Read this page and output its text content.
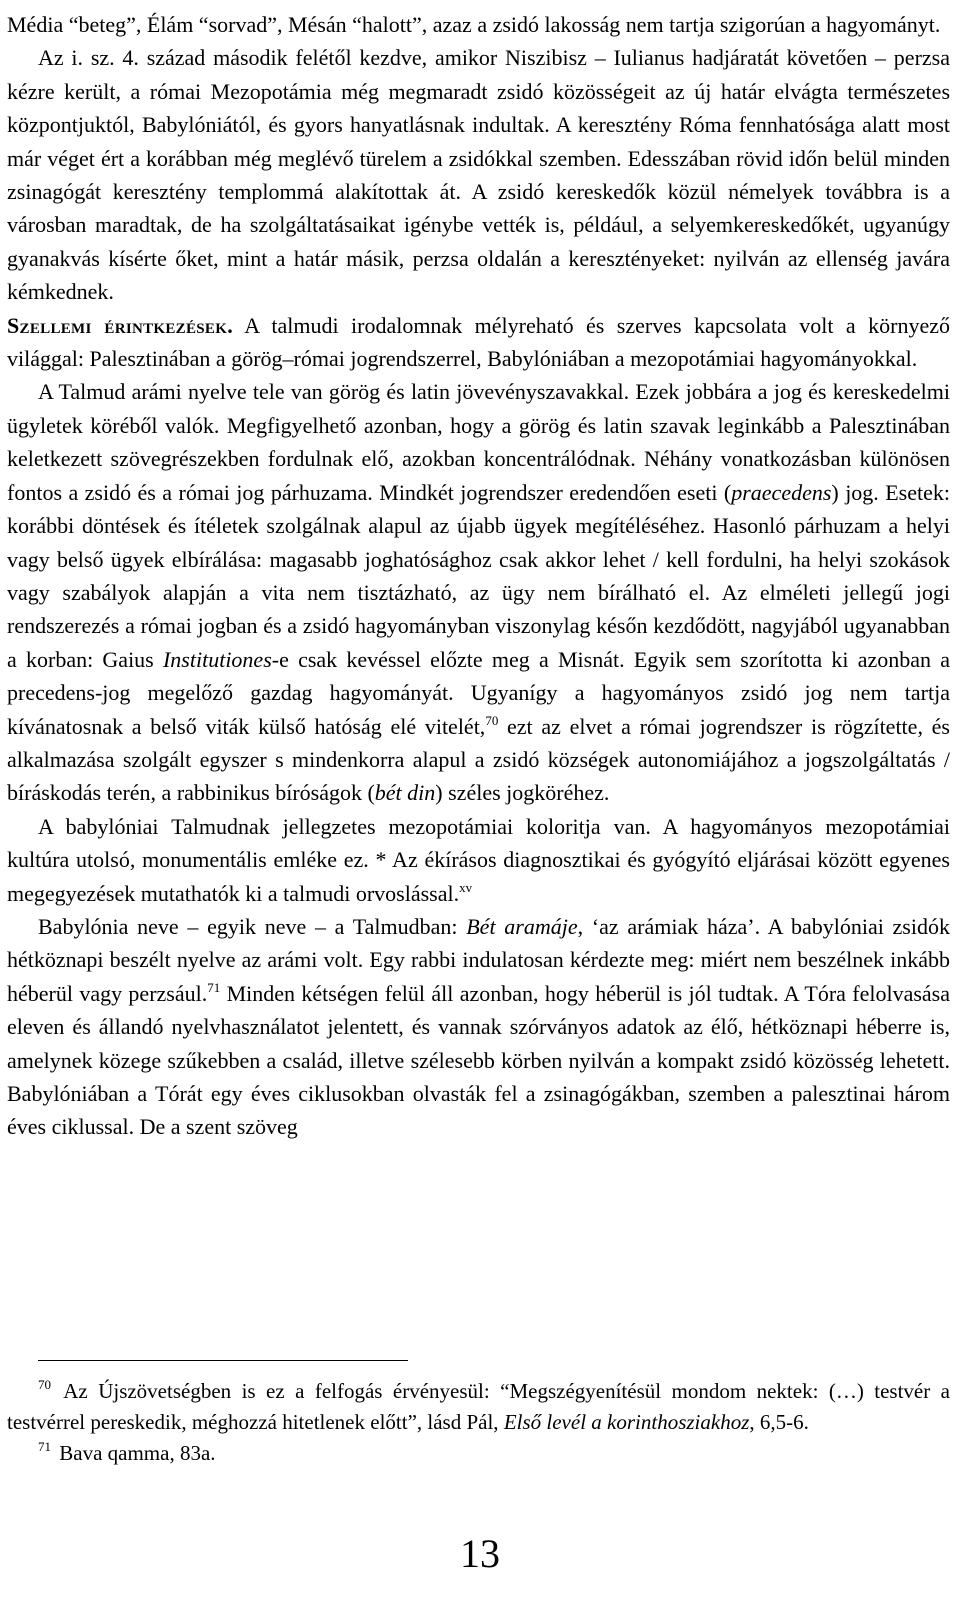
Média “beteg”, Élám “sorvad”, Mésán “halott”, azaz a zsidó lakosság nem tartja szigorúan a hagyományt.

Az i. sz. 4. század második felétől kezdve, amikor Niszibisz – Iulianus hadjáratát követően – perzsa kézre került, a római Mezopotámia még megmaradt zsidó közösségeit az új határ elvágta természetes központjuktól, Babylóniától, és gyors hanyatlásnak indultak. A keresztény Róma fennhatósága alatt most már véget ért a korábban még meglévő türelem a zsidókkal szemben. Edesszában rövid időn belül minden zsinagógát keresztény templommá alakítottak át. A zsidó kereskedők közül némelyek továbbra is a városban maradtak, de ha szolgáltatásaikat igénybe vették is, például, a selyemkereskedőkét, ugyanúgy gyanakvás kísérte őket, mint a határ másik, perzsa oldalán a keresztényeket: nyilván az ellenség javára kémkednek.

Szellemi érintkezések. A talmudi irodalomnak mélyreható és szerves kapcsolata volt a környező világgal: Palesztinában a görög–római jogrendszerrel, Babylóniában a mezopotámiai hagyományokkal.

A Talmud arámi nyelve tele van görög és latin jövevényszavakkal. Ezek jobbára a jog és kereskedelmi ügyletek köréből valók. Megfigyelhető azonban, hogy a görög és latin szavak leginkább a Palesztinában keletkezett szövegrészekben fordulnak elő, azokban koncentrálódnak. Néhány vonatkozásban különösen fontos a zsidó és a római jog párhuzama. Mindkét jogrendszer eredendően eseti (praecedens) jog. Esetek: korábbi döntések és ítéletek szolgálnak alapul az újabb ügyek megítéléséhez. Hasonló párhuzam a helyi vagy belső ügyek elbírálása: magasabb joghatósághoz csak akkor lehet / kell fordulni, ha helyi szokások vagy szabályok alapján a vita nem tisztázható, az ügy nem bírálható el. Az elméleti jellegű jogi rendszerezés a római jogban és a zsidó hagyományban viszonylag későn kezdődött, nagyjából ugyanabban a korban: Gaius Institutiones-e csak kevéssel előzte meg a Misnát. Egyik sem szorította ki azonban a precedens-jog megelőző gazdag hagyományát. Ugyanígy a hagyományos zsidó jog nem tartja kívánatosnak a belső viták külső hatóság elé vitelét,$^{70}$ ezt az elvet a római jogrendszer is rögzítette, és alkalmazása szolgált egyszer s mindenkorra alapul a zsidó községek autonomiájához a jogszolgáltatás / bíráskodás terén, a rabbinikus bíróságok (bét din) széles jogköréhez.

A babylóniai Talmudnak jellegzetes mezopotámiai koloritja van. A hagyományos mezopotámiai kultúra utolsó, monumentális emléke ez. * Az ékírásos diagnosztikai és gyógyító eljárásai között egyenes megegyezések mutathatók ki a talmudi orvoslással.$^{xv}$

Babylónia neve – egyik neve – a Talmudban: Bét aramáje, ‘az arámiak háza’. A babylóniai zsidók hétköznapi beszélt nyelve az arámi volt. Egy rabbi indulatosan kérdezte meg: miért nem beszélnek inkább héberül vagy perzsául.$^{71}$ Minden kétségen felül áll azonban, hogy héberül is jól tudtak. A Tóra felolvasása eleven és állandó nyelvhasználatot jelentett, és vannak szórványos adatok az élő, hétköznapi héberre is, amelynek közege szűkebben a család, illetve szélesebb körben nyilván a kompakt zsidó közösség lehetett. Babylóniában a Tórát egy éves ciklusokban olvasták fel a zsinagógákban, szemben a palesztinai három éves ciklussal. De a szent szöveg

$^{70}$ Az Újszövetségben is ez a felfogás érvényesül: “Megszégyenítésül mondom nektek: (…) testvér a testvérrel pereskedik, méghozzá hitetlenek előtt”, lásd Pál, Első levél a korinthosziakhoz, 6,5-6.

$^{71}$ Bava qamma, 83a.

13
